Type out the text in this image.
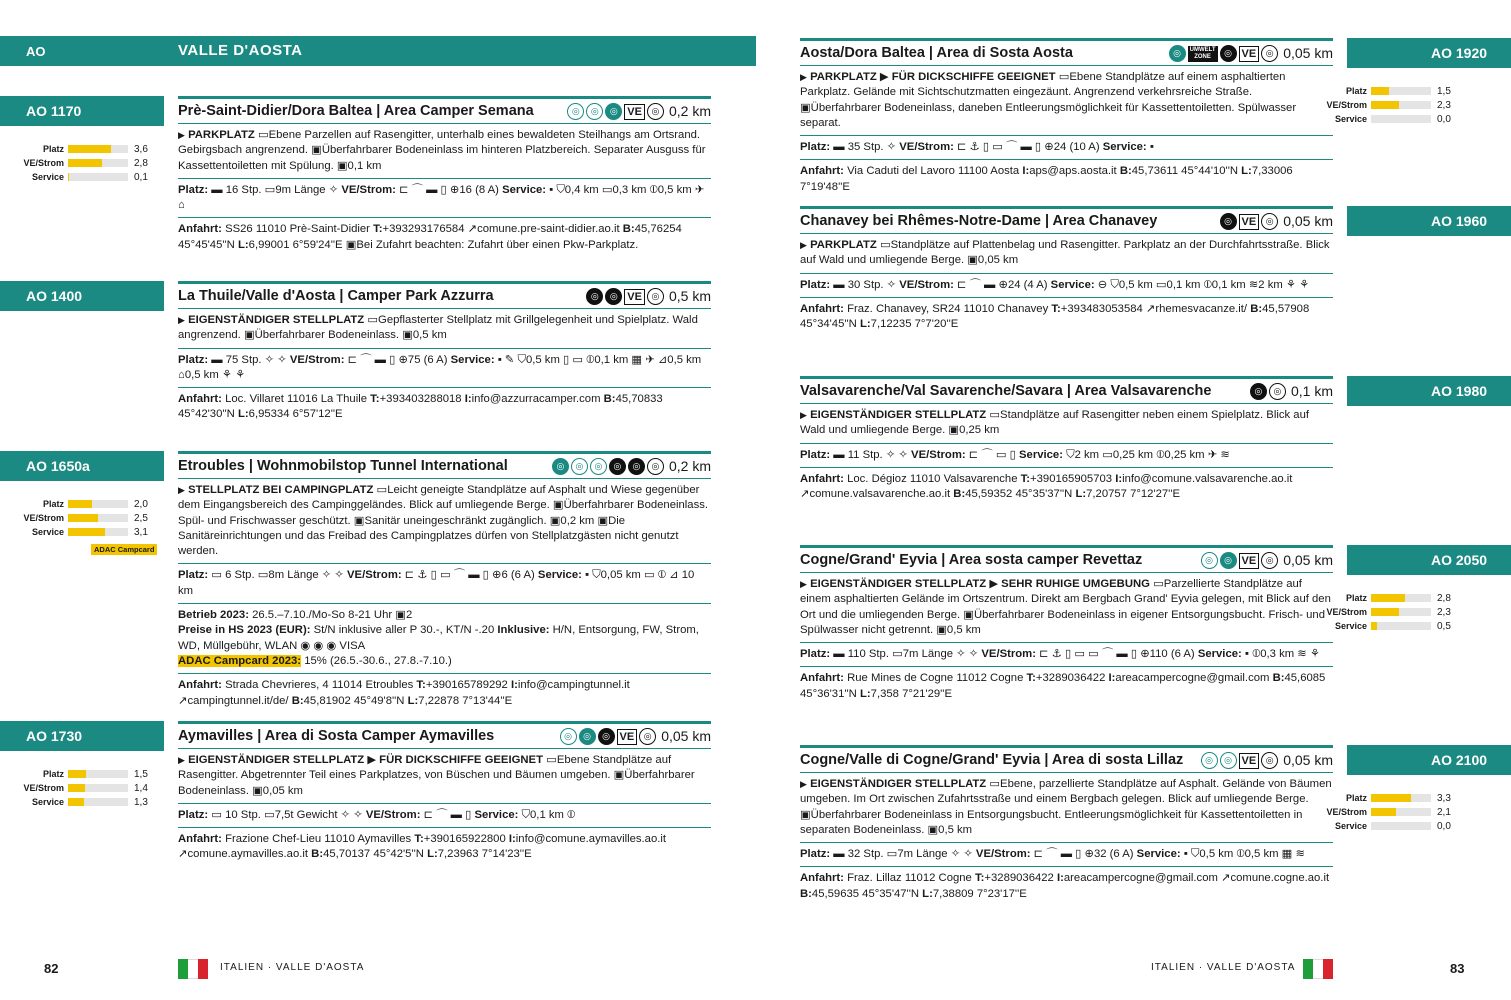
AO	VALLE D'AOSTA
AO 1170
Platz	3,6
VE/Strom	2,8
Service	0,1
AO 1400
AO 1650a
Platz	2,0
VE/Strom	2,5
Service	3,1
ADAC Campcard
AO 1730
Platz	1,5
VE/Strom	1,4
Service	1,3
AO 1920
Platz	1,5
VE/Strom	2,3
Service	0,0
AO 1960
AO 1980
AO 2050
Platz	2,8
VE/Strom	2,3
Service	0,5
AO 2100
Platz	3,3
VE/Strom	2,1
Service	0,0
Prè-Saint-Didier/Dora Baltea | Area Camper Semana	◎	◎	◎ VE	◎ 0,2 km
▶ PARKPLATZ ▭Ebene Parzellen auf Rasengitter, unterhalb eines bewaldeten Steilhangs am Ortsrand. Gebirgsbach angrenzend. ▣Überfahrbarer Bodeneinlass im hinteren Platzbereich. Separater Ausguss für Kassettentoiletten mit Spülung. ▣0,1 km
Platz: ▬ 16 Stp. ▭9m Länge ✧ VE/Strom: ⊏ ⌒ ▬ ▯ ⊕16 (8 A) Service: ▪ ⛉0,4 km ▭0,3 km ⦶0,5 km ✈ ⌂
Anfahrt: SS26 11010 Prè-Saint-Didier T:+393293176584 ↗comune.pre-saint-didier.ao.it B:45,76254 45°45'45''N L:6,99001 6°59'24''E ▣Bei Zufahrt beachten: Zufahrt über einen Pkw-Parkplatz.
La Thuile/Valle d'Aosta | Camper Park Azzurra	◎	◎ VE	◎ 0,5 km
▶ EIGENSTÄNDIGER STELLPLATZ ▭Gepflasterter Stellplatz mit Grillgelegenheit und Spielplatz. Wald angrenzend. ▣Überfahrbarer Bodeneinlass. ▣0,5 km
Platz: ▬ 75 Stp. ✧ ✧ VE/Strom: ⊏ ⌒ ▬ ▯ ⊕75 (6 A) Service: ▪ ✎ ⛉0,5 km ▯ ▭ ⦶0,1 km ▦ ✈ ⊿0,5 km ⌂0,5 km ⚘ ⚘
Anfahrt: Loc. Villaret 11016 La Thuile T:+393403288018 I:info@azzurracamper.com B:45,70833 45°42'30''N L:6,95334 6°57'12''E
Etroubles | Wohnmobilstop Tunnel International	◎	◎	◎	◎	◎	◎ 0,2 km
▶ STELLPLATZ BEI CAMPINGPLATZ ▭Leicht geneigte Standplätze auf Asphalt und Wiese gegenüber dem Eingangsbereich des Campinggeländes. Blick auf umliegende Berge. ▣Überfahrbarer Bodeneinlass. Spül- und Frischwasser geschützt. ▣Sanitär uneingeschränkt zugänglich. ▣0,2 km ▣Die Sanitäreinrichtungen und das Freibad des Campingplatzes dürfen von Stellplatzgästen nicht genutzt werden.
Platz: ▭ 6 Stp. ▭8m Länge ✧ ✧ VE/Strom: ⊏ ⚓ ▯ ▭ ⌒ ▬ ▯ ⊕6 (6 A) Service: ▪ ⛉0,05 km ▭ ⦶ ⊿ 10 km
Betrieb 2023: 26.5.–7.10./Mo-So 8-21 Uhr ▣2
Preise in HS 2023 (EUR): St/N inklusive aller P 30.-, KT/N -.20 Inklusive: H/N, Entsorgung, FW, Strom, WD, Müllgebühr, WLAN ◉ ◉ ◉ VISA
ADAC Campcard 2023: 15% (26.5.-30.6., 27.8.-7.10.)
Anfahrt: Strada Chevrieres, 4 11014 Etroubles T:+390165789292 I:info@campingtunnel.it ↗campingtunnel.it/de/ B:45,81902 45°49'8''N L:7,22878 7°13'44''E
Aymavilles | Area di Sosta Camper Aymavilles	◎	◎	◎ VE	◎ 0,05 km
▶ EIGENSTÄNDIGER STELLPLATZ ▶ FÜR DICKSCHIFFE GEEIGNET ▭Ebene Standplätze auf Rasengitter. Abgetrennter Teil eines Parkplatzes, von Büschen und Bäumen umgeben. ▣Überfahrbarer Bodeneinlass. ▣0,05 km
Platz: ▭ 10 Stp. ▭7,5t Gewicht ✧ ✧ VE/Strom: ⊏ ⌒ ▬ ▯ Service: ⛉0,1 km ⦶
Anfahrt: Frazione Chef-Lieu 11010 Aymavilles T:+390165922800 I:info@comune.aymavilles.ao.it ↗comune.aymavilles.ao.it B:45,70137 45°42'5''N L:7,23963 7°14'23''E
Aosta/Dora Baltea | Area di Sosta Aosta	◎	UMWELT
ZONE	◎ VE	◎ 0,05 km
▶ PARKPLATZ ▶ FÜR DICKSCHIFFE GEEIGNET ▭Ebene Standplätze auf einem asphaltierten Parkplatz. Gelände mit Sichtschutzmatten eingezäunt. Angrenzend verkehrsreiche Straße. ▣Überfahrbarer Bodeneinlass, daneben Entleerungsmöglichkeit für Kassettentoiletten. Spülwasser separat.
Platz: ▬ 35 Stp. ✧ VE/Strom: ⊏ ⚓ ▯ ▭ ⌒ ▬ ▯ ⊕24 (10 A) Service: ▪
Anfahrt: Via Caduti del Lavoro 11100 Aosta I:aps@aps.aosta.it B:45,73611 45°44'10''N L:7,33006 7°19'48''E
Chanavey bei Rhêmes-Notre-Dame | Area Chanavey	◎ VE	◎ 0,05 km
▶ PARKPLATZ ▭Standplätze auf Plattenbelag und Rasengitter. Parkplatz an der Durchfahrtsstraße. Blick auf Wald und umliegende Berge. ▣0,05 km
Platz: ▬ 30 Stp. ✧ VE/Strom: ⊏ ⌒ ▬ ⊕24 (4 A) Service: ⊖ ⛉0,5 km ▭0,1 km ⦶0,1 km ≋2 km ⚘ ⚘
Anfahrt: Fraz. Chanavey, SR24 11010 Chanavey T:+393483053584 ↗rhemesvacanze.it/ B:45,57908 45°34'45''N L:7,12235 7°7'20''E
Valsavarenche/Val Savarenche/Savara | Area Valsavarenche	◎	◎ 0,1 km
▶ EIGENSTÄNDIGER STELLPLATZ ▭Standplätze auf Rasengitter neben einem Spielplatz. Blick auf Wald und umliegende Berge. ▣0,25 km
Platz: ▬ 11 Stp. ✧ ✧ VE/Strom: ⊏ ⌒ ▭ ▯ Service: ⛉2 km ▭0,25 km ⦶0,25 km ✈ ≋
Anfahrt: Loc. Dégioz 11010 Valsavarenche T:+390165905703 I:info@comune.valsavarenche.ao.it ↗comune.valsavarenche.ao.it B:45,59352 45°35'37''N L:7,20757 7°12'27''E
Cogne/Grand' Eyvia | Area sosta camper Revettaz	◎	◎ VE	◎ 0,05 km
▶ EIGENSTÄNDIGER STELLPLATZ ▶ SEHR RUHIGE UMGEBUNG ▭Parzellierte Standplätze auf einem asphaltierten Gelände im Ortszentrum. Direkt am Bergbach Grand' Eyvia gelegen, mit Blick auf den Ort und die umliegenden Berge. ▣Überfahrbarer Bodeneinlass in eigener Entsorgungsbucht. Frisch- und Spülwasser nicht getrennt. ▣0,5 km
Platz: ▬ 110 Stp. ▭7m Länge ✧ ✧ VE/Strom: ⊏ ⚓ ▯ ▭ ▭ ⌒ ▬ ▯ ⊕110 (6 A) Service: ▪ ⦶0,3 km ≋ ⚘
Anfahrt: Rue Mines de Cogne 11012 Cogne T:+3289036422 I:areacampercogne@gmail.com B:45,6085 45°36'31''N L:7,358 7°21'29''E
Cogne/Valle di Cogne/Grand' Eyvia | Area di sosta Lillaz	◎	◎ VE	◎ 0,05 km
▶ EIGENSTÄNDIGER STELLPLATZ ▭Ebene, parzellierte Standplätze auf Asphalt. Gelände von Bäumen umgeben. Im Ort zwischen Zufahrtsstraße und einem Bergbach gelegen. Blick auf umliegende Berge. ▣Überfahrbarer Bodeneinlass in Entsorgungsbucht. Entleerungsmöglichkeit für Kassettentoiletten in separaten Bodeneinlass. ▣0,5 km
Platz: ▬ 32 Stp. ▭7m Länge ✧ ✧ VE/Strom: ⊏ ⌒ ▬ ▯ ⊕32 (6 A) Service: ▪ ⛉0,5 km ⦶0,5 km ▦ ≋
Anfahrt: Fraz. Lillaz 11012 Cogne T:+3289036422 I:areacampercogne@gmail.com ↗comune.cogne.ao.it B:45,59635 45°35'47''N L:7,38809 7°23'17''E
82	ITALIEN · VALLE D'AOSTA	ITALIEN · VALLE D'AOSTA	83
